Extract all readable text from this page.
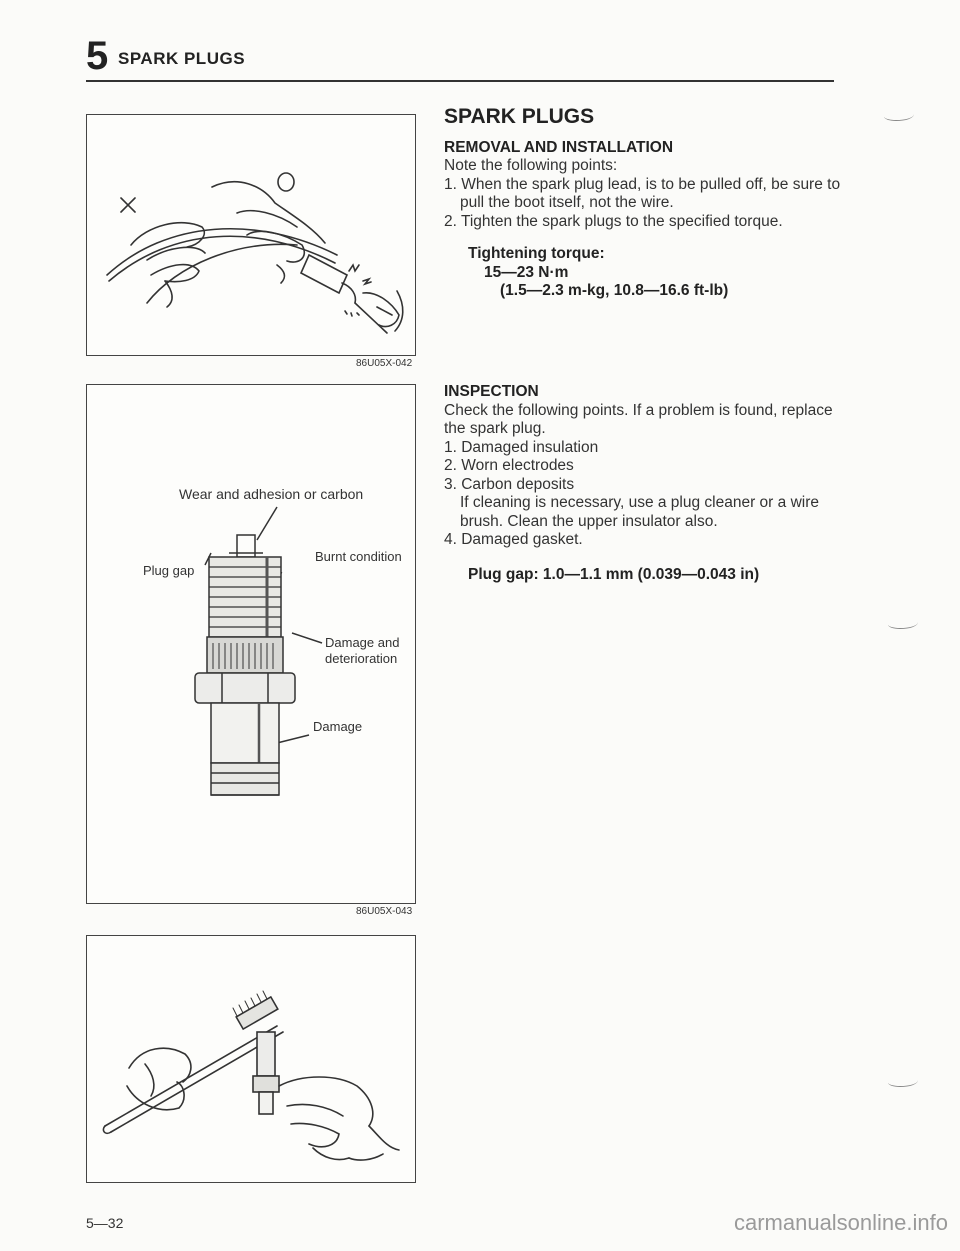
5 SPARK PLUGS
86U05X-042
Wear and adhesion or carbon
Plug gap
Burnt condition
Damage and
deterioration
Damage
86U05X-043
SPARK PLUGS
REMOVAL AND INSTALLATION
Note the following points:
1. When the spark plug lead, is to be pulled off, be sure to pull the boot itself, not the wire.
2. Tighten the spark plugs to the specified torque.
Tightening torque:
15—23 N·m
(1.5—2.3 m-kg, 10.8—16.6 ft-lb)
INSPECTION
Check the following points. If a problem is found, replace the spark plug.
1. Damaged insulation
2. Worn electrodes
3. Carbon deposits
If cleaning is necessary, use a plug cleaner or a wire brush. Clean the upper insulator also.
4. Damaged gasket.
Plug gap: 1.0—1.1 mm (0.039—0.043 in)
5—32	carmanualsonline.info
